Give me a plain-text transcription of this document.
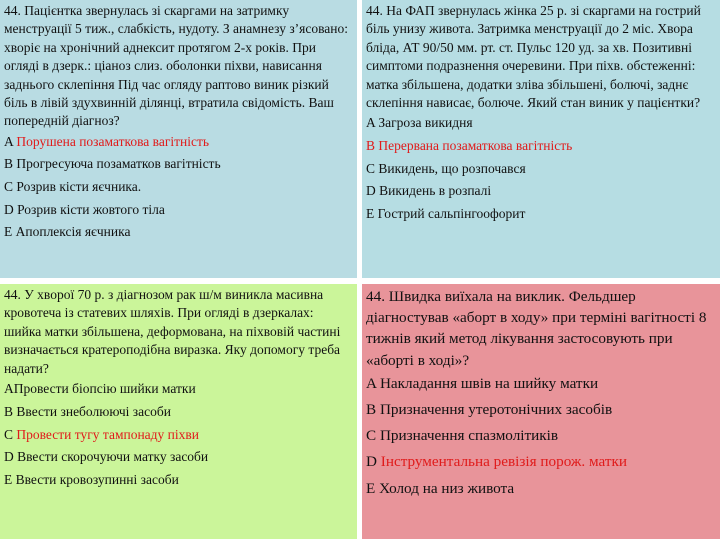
44. Пацієнтка звернулась зі скаргами на затримку менструації 5 тиж., слабкість, нудоту. З анамнезу з’ясовано: хворіє на хронічний аднексит протягом 2-х років. При огляді в дзерк.: ціаноз слиз. оболонки піхви, нависання заднього склепіння Під час огляду раптово виник різкий біль в лівій здухвинній ділянці, втратила свідомість. Ваш попередній діагноз?

A Порушена позаматкова вагітність

B Прогресуюча позаматков вагітність

C Розрив кісти яєчника.

D Розрив кісти жовтого тіла

E Апоплексія яєчника

44. На ФАП звернулась жінка 25 р. зі скаргами на гострий біль унизу живота. Затримка менструації до 2 міс. Хвора бліда, АТ 90/50 мм. рт. ст. Пульс 120 уд. за хв. Позитивні симптоми подразнення очеревини. При піхв. обстеженні: матка збільшена, додатки зліва збільшені, болючі, заднє склепіння нависає, болюче. Який стан виник у пацієнтки?

A Загроза викидня

B Перервана позаматкова вагітність

C Викидень, що розпочався

D Викидень в розпалі

E Гострий сальпінгоофорит

44. У хворої 70 р. з діагнозом рак ш/м виникла масивна кровотеча із статевих шляхів. При огляді в дзеркалах: шийка матки збільшена, деформована, на піхвовій частині визначається кратероподібна виразка. Яку допомогу треба надати?

AПровести біопсію шийки матки

B Ввести знеболюючі засоби

C Провести тугу тампонаду піхви

D Ввести скорочуючи матку засоби

E Ввести кровозупинні засоби

44. Швидка виїхала на виклик. Фельдшер діагностував «аборт в ходу» при терміні вагітності 8 тижнів який метод лікування застосовують при «аборті в ході»?

A Накладання швів на шийку матки

B Призначення утеротонічних засобів

C Призначення спазмолітиків

D Інструментальна ревізія порож. матки

E Холод на низ живота
